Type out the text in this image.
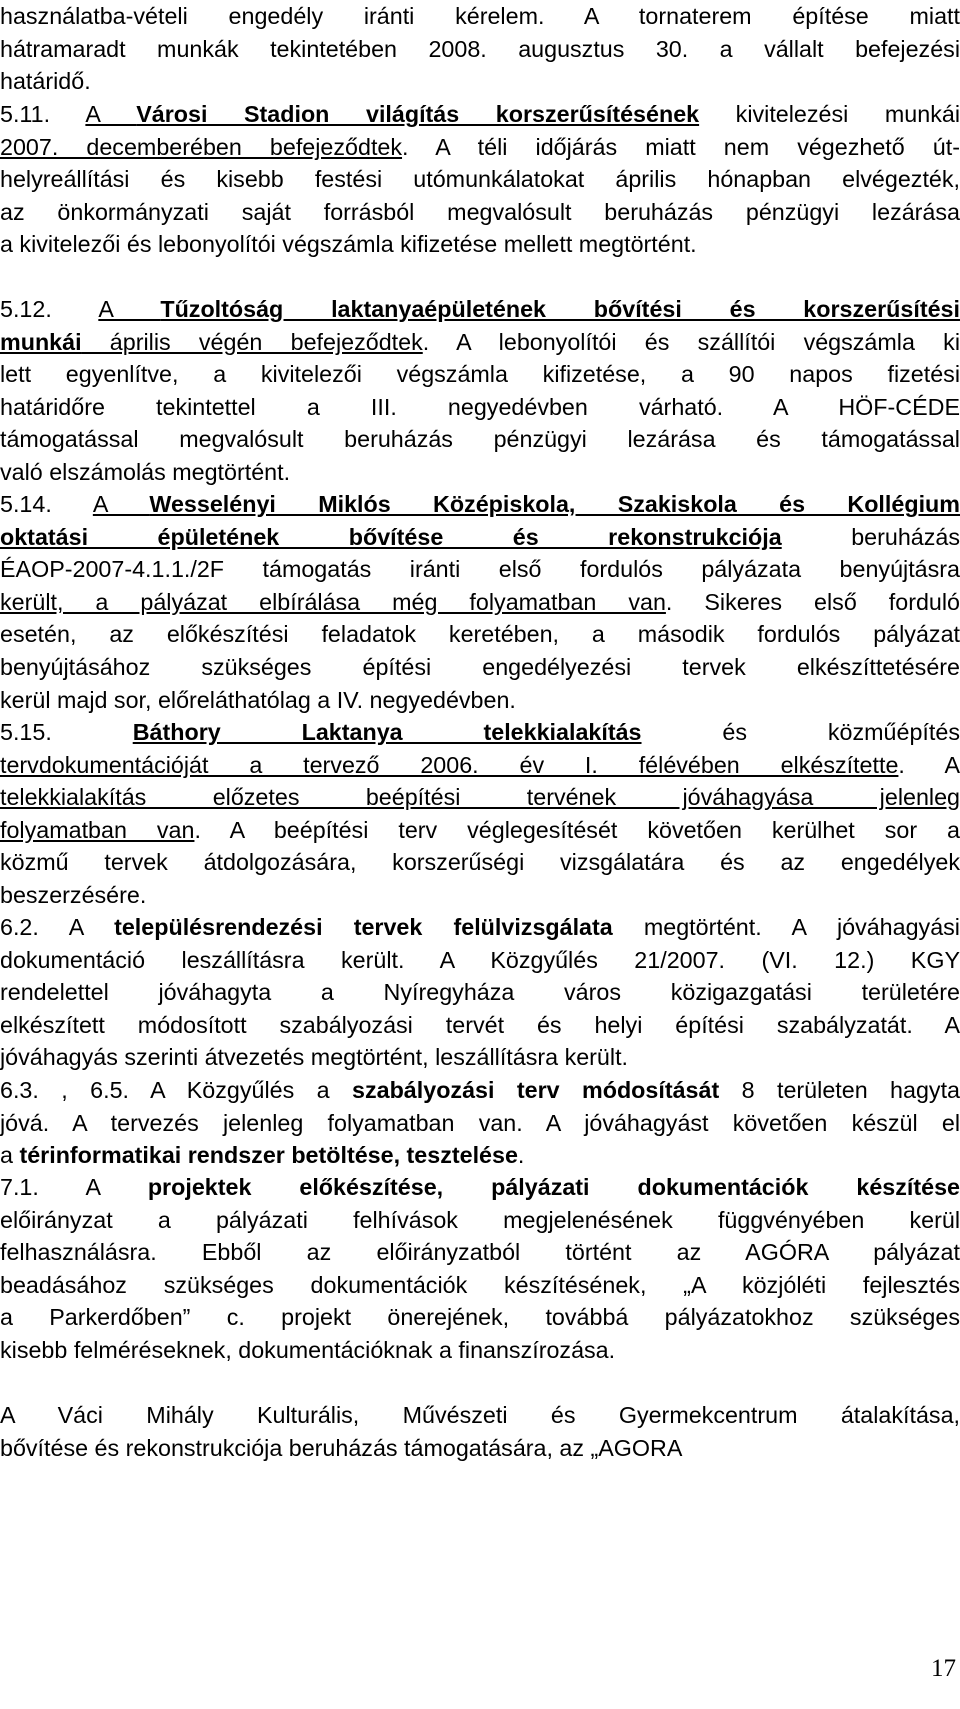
használatba-vételi engedély iránti kérelem. A tornaterem építése miatt
hátramaradt munkák tekintetében 2008. augusztus 30. a vállalt befejezési
határidő.
5.11. A Városi Stadion világítás korszerűsítésének kivitelezési munkái
2007. decemberében befejeződtek. A téli időjárás miatt nem végezhető út-
helyreállítási és kisebb festési utómunkálatokat április hónapban elvégezték,
az önkormányzati saját forrásból megvalósult beruházás pénzügyi lezárása
a kivitelezői és lebonyolítói végszámla kifizetése mellett megtörtént.
5.12. A Tűzoltóság laktanyaépületének bővítési és korszerűsítési
munkái április végén befejeződtek. A lebonyolítói és szállítói végszámla ki
lett egyenlítve, a kivitelezői végszámla kifizetése, a 90 napos fizetési
határidőre tekintettel a III. negyedévben várható. A HÖF-CÉDE
támogatással megvalósult beruházás pénzügyi lezárása és támogatással
való elszámolás megtörtént.
5.14. A Wesselényi Miklós Középiskola, Szakiskola és Kollégium
oktatási épületének bővítése és rekonstrukciója beruházás
ÉAOP-2007-4.1.1./2F támogatás iránti első fordulós pályázata benyújtásra
került, a pályázat elbírálása még folyamatban van. Sikeres első forduló
esetén, az előkészítési feladatok keretében, a második fordulós pályázat
benyújtásához szükséges építési engedélyezési tervek elkészíttetésére
kerül majd sor, előreláthatólag a IV. negyedévben.
5.15. Báthory Laktanya telekkialakítás és közműépítés
tervdokumentációját a tervező 2006. év I. félévében elkészítette. A
telekkialakítás előzetes beépítési tervének jóváhagyása jelenleg
folyamatban van. A beépítési terv véglegesítését követően kerülhet sor a
közmű tervek átdolgozására, korszerűségi vizsgálatára és az engedélyek
beszerzésére.
6.2. A településrendezési tervek felülvizsgálata megtörtént. A jóváhagyási
dokumentáció leszállításra került. A Közgyűlés 21/2007. (VI. 12.) KGY
rendelettel jóváhagyta a Nyíregyháza város közigazgatási területére
elkészített módosított szabályozási tervét és helyi építési szabályzatát. A
jóváhagyás szerinti átvezetés megtörtént, leszállításra került.
6.3. , 6.5. A Közgyűlés a szabályozási terv módosítását 8 területen hagyta
jóvá. A tervezés jelenleg folyamatban van. A jóváhagyást követően készül el
a térinformatikai rendszer betöltése, tesztelése.
7.1. A projektek előkészítése, pályázati dokumentációk készítése
előirányzat a pályázati felhívások megjelenésének függvényében kerül
felhasználásra. Ebből az előirányzatból történt az AGÓRA pályázat
beadásához szükséges dokumentációk készítésének, „A közjóléti fejlesztés
a Parkerdőben” c. projekt önerejének, továbbá pályázatokhoz szükséges
kisebb felméréseknek, dokumentációknak a finanszírozása.
A Váci Mihály Kulturális, Művészeti és Gyermekcentrum átalakítása,
bővítése és rekonstrukciója beruházás támogatására, az „AGORA
17
